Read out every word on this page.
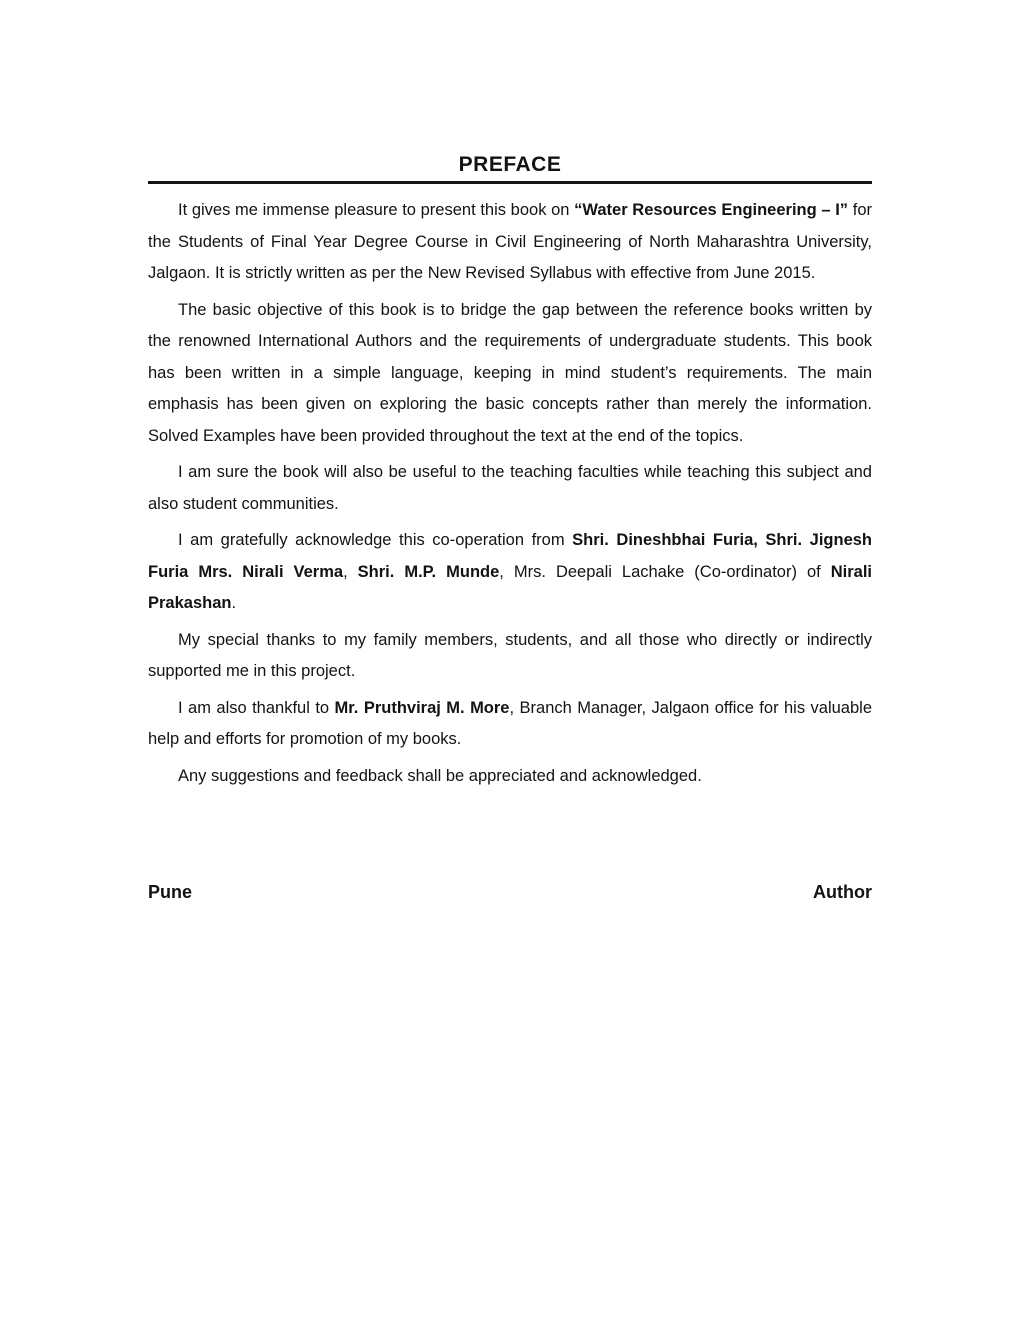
PREFACE

It gives me immense pleasure to present this book on “Water Resources Engineering – I” for the Students of Final Year Degree Course in Civil Engineering of North Maharashtra University, Jalgaon. It is strictly written as per the New Revised Syllabus with effective from June 2015.

The basic objective of this book is to bridge the gap between the reference books written by the renowned International Authors and the requirements of undergraduate students. This book has been written in a simple language, keeping in mind student’s requirements. The main emphasis has been given on exploring the basic concepts rather than merely the information. Solved Examples have been provided throughout the text at the end of the topics.

I am sure the book will also be useful to the teaching faculties while teaching this subject and also student communities.

I am gratefully acknowledge this co-operation from Shri. Dineshbhai Furia, Shri. Jignesh Furia Mrs. Nirali Verma, Shri. M.P. Munde, Mrs. Deepali Lachake (Co-ordinator) of Nirali Prakashan.

My special thanks to my family members, students, and all those who directly or indirectly supported me in this project.

I am also thankful to Mr. Pruthviraj M. More, Branch Manager, Jalgaon office for his valuable help and efforts for promotion of my books.

Any suggestions and feedback shall be appreciated and acknowledged.

Pune	Author
